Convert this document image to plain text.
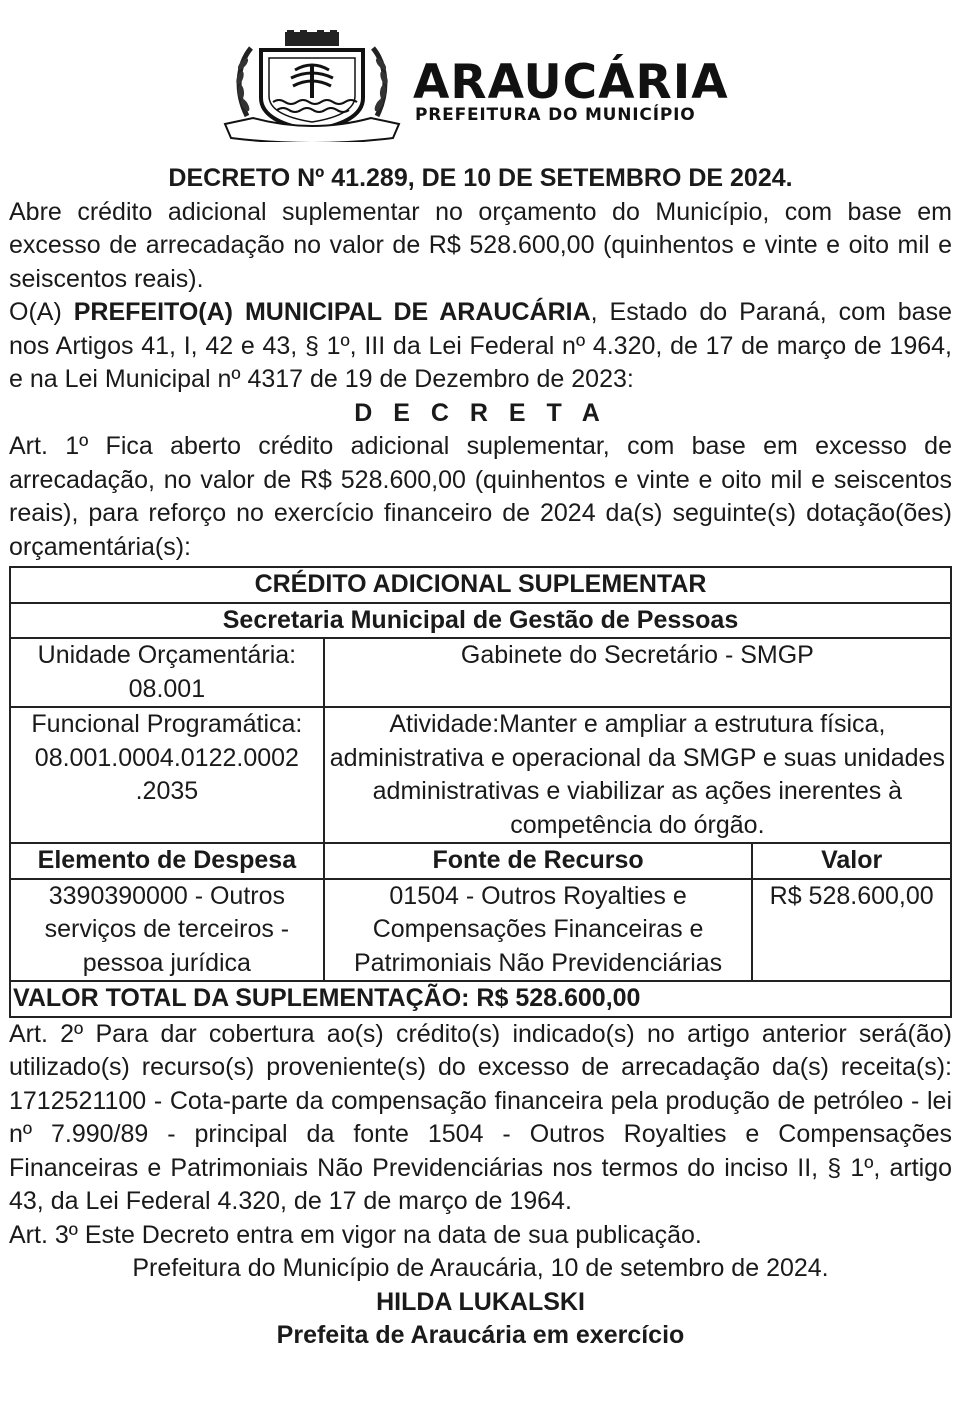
ARAUCÁRIA
PREFEITURA DO MUNICÍPIO
DECRETO Nº 41.289, DE 10 DE SETEMBRO DE 2024.

Abre crédito adicional suplementar no orçamento do Município, com base em excesso de arrecadação no valor de R$ 528.600,00 (quinhentos e vinte e oito mil e seiscentos reais).

O(A) PREFEITO(A) MUNICIPAL DE ARAUCÁRIA, Estado do Paraná, com base nos Artigos 41, I, 42 e 43, § 1º, III da Lei Federal nº 4.320, de 17 de março de 1964, e na Lei Municipal nº 4317 de 19 de Dezembro de 2023:

D E C R E T A

Art. 1º Fica aberto crédito adicional suplementar, com base em excesso de arrecadação, no valor de R$ 528.600,00 (quinhentos e vinte e oito mil e seiscentos reais), para reforço no exercício financeiro de 2024 da(s) seguinte(s) dotação(ões) orçamentária(s):

CRÉDITO ADICIONAL SUPLEMENTAR		
Secretaria Municipal de Gestão de Pessoas		
Unidade Orçamentária: 08.001	Gabinete do Secretário - SMGP	
Funcional Programática: 08.001.0004.0122.0002 .2035	Atividade:Manter e ampliar a estrutura física, administrativa e operacional da SMGP e suas unidades administrativas e viabilizar as ações inerentes à competência do órgão.	
Elemento de Despesa	Fonte de Recurso	Valor
3390390000 - Outros serviços de terceiros - pessoa jurídica	01504 - Outros Royalties e Compensações Financeiras e Patrimoniais Não Previdenciárias	R$ 528.600,00
VALOR TOTAL DA SUPLEMENTAÇÃO: R$ 528.600,00		

Art. 2º Para dar cobertura ao(s) crédito(s) indicado(s) no artigo anterior será(ão) utilizado(s) recurso(s) proveniente(s) do excesso de arrecadação da(s) receita(s): 1712521100 - Cota-parte da compensação financeira pela produção de petróleo - lei nº 7.990/89 - principal da fonte 1504 - Outros Royalties e Compensações Financeiras e Patrimoniais Não Previdenciárias nos termos do inciso II, § 1º, artigo 43, da Lei Federal 4.320, de 17 de março de 1964.

Art. 3º Este Decreto entra em vigor na data de sua publicação.

Prefeitura do Município de Araucária, 10 de setembro de 2024.
HILDA LUKALSKI
Prefeita de Araucária em exercício
